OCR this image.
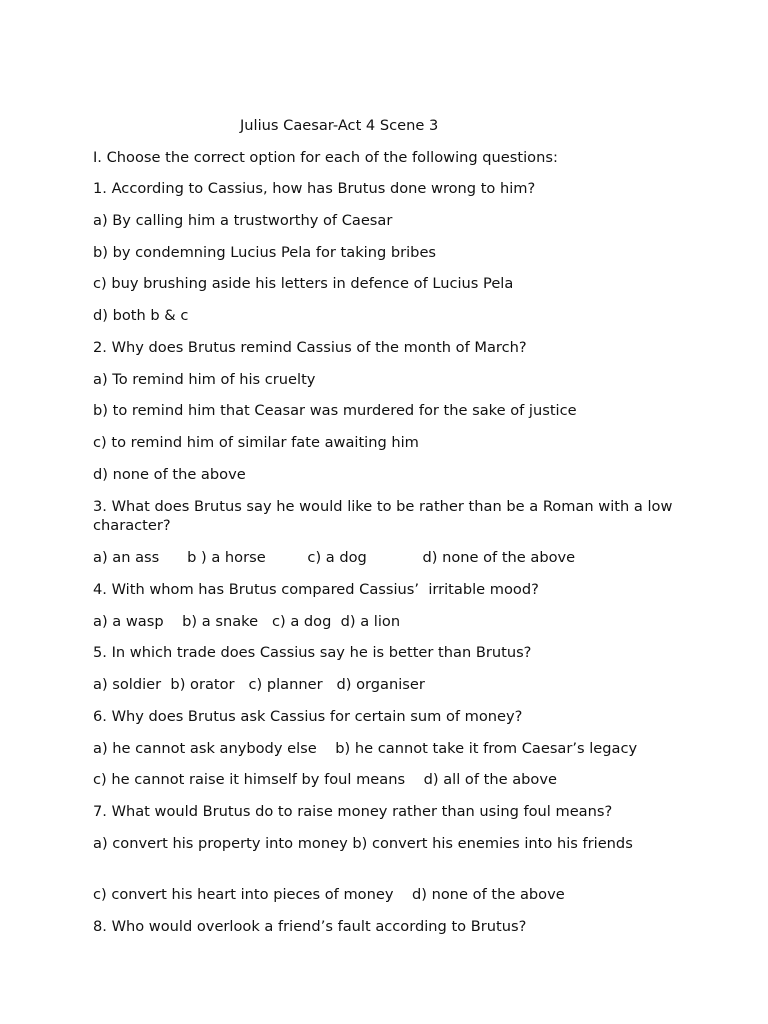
Julius Caesar-Act 4 Scene 3
I. Choose the correct option for each of the following questions:
1. According to Cassius, how has Brutus done wrong to him?
a) By calling him a trustworthy of Caesar
b) by condemning Lucius Pela for taking bribes
c) buy brushing aside his letters in defence of Lucius Pela
d) both b & c
2. Why does Brutus remind Cassius of the month of March?
a) To remind him of his cruelty
b) to remind him that Ceasar was murdered for the sake of justice
c) to remind him of similar fate awaiting him
d) none of the above
3. What does Brutus say he would like to be rather than be a Roman with a low character?
a) an ass      b ) a horse         c) a dog            d) none of the above
4. With whom has Brutus compared Cassius’  irritable mood?
a) a wasp    b) a snake   c) a dog  d) a lion
5. In which trade does Cassius say he is better than Brutus?
a) soldier  b) orator   c) planner   d) organiser
6. Why does Brutus ask Cassius for certain sum of money?
a) he cannot ask anybody else    b) he cannot take it from Caesar’s legacy
c) he cannot raise it himself by foul means    d) all of the above
7. What would Brutus do to raise money rather than using foul means?
a) convert his property into money b) convert his enemies into his friends
c) convert his heart into pieces of money    d) none of the above
8. Who would overlook a friend’s fault according to Brutus?
